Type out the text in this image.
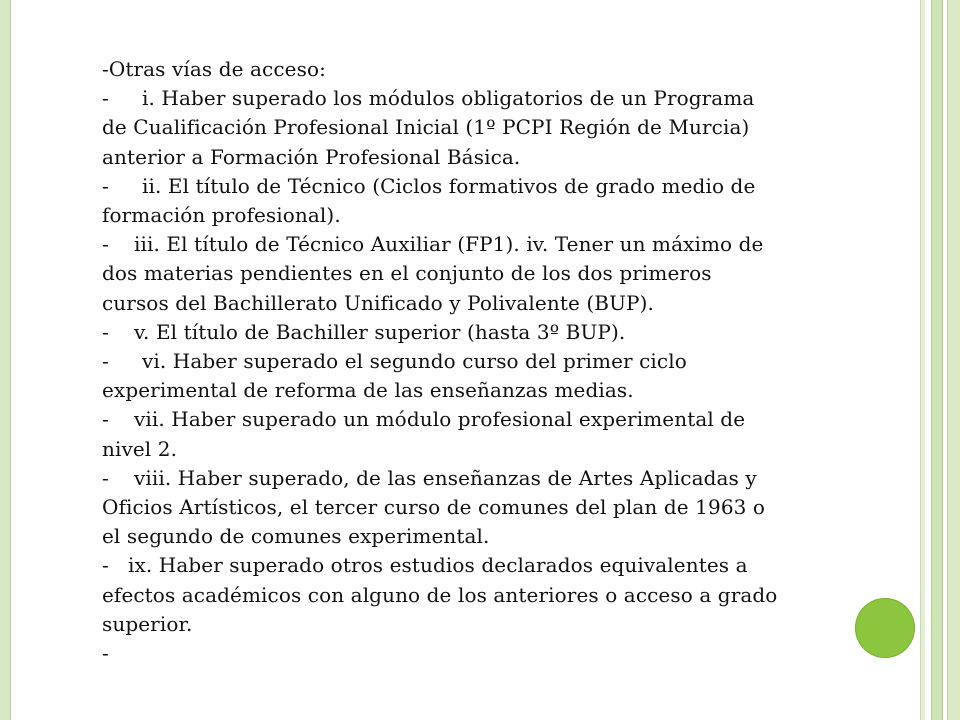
-Otras vías de acceso:

- i. Haber superado los módulos obligatorios de un Programa de Cualificación Profesional Inicial (1º PCPI Región de Murcia) anterior a Formación Profesional Básica.

- ii. El título de Técnico (Ciclos formativos de grado medio de formación profesional).

- iii. El título de Técnico Auxiliar (FP1). iv. Tener un máximo de dos materias pendientes en el conjunto de los dos primeros cursos del Bachillerato Unificado y Polivalente (BUP).

- v. El título de Bachiller superior (hasta 3º BUP).

- vi. Haber superado el segundo curso del primer ciclo experimental de reforma de las enseñanzas medias.

- vii. Haber superado un módulo profesional experimental de nivel 2.

- viii. Haber superado, de las enseñanzas de Artes Aplicadas y Oficios Artísticos, el tercer curso de comunes del plan de 1963 o el segundo de comunes experimental.

- ix. Haber superado otros estudios declarados equivalentes a efectos académicos con alguno de los anteriores o acceso a grado superior.

-
